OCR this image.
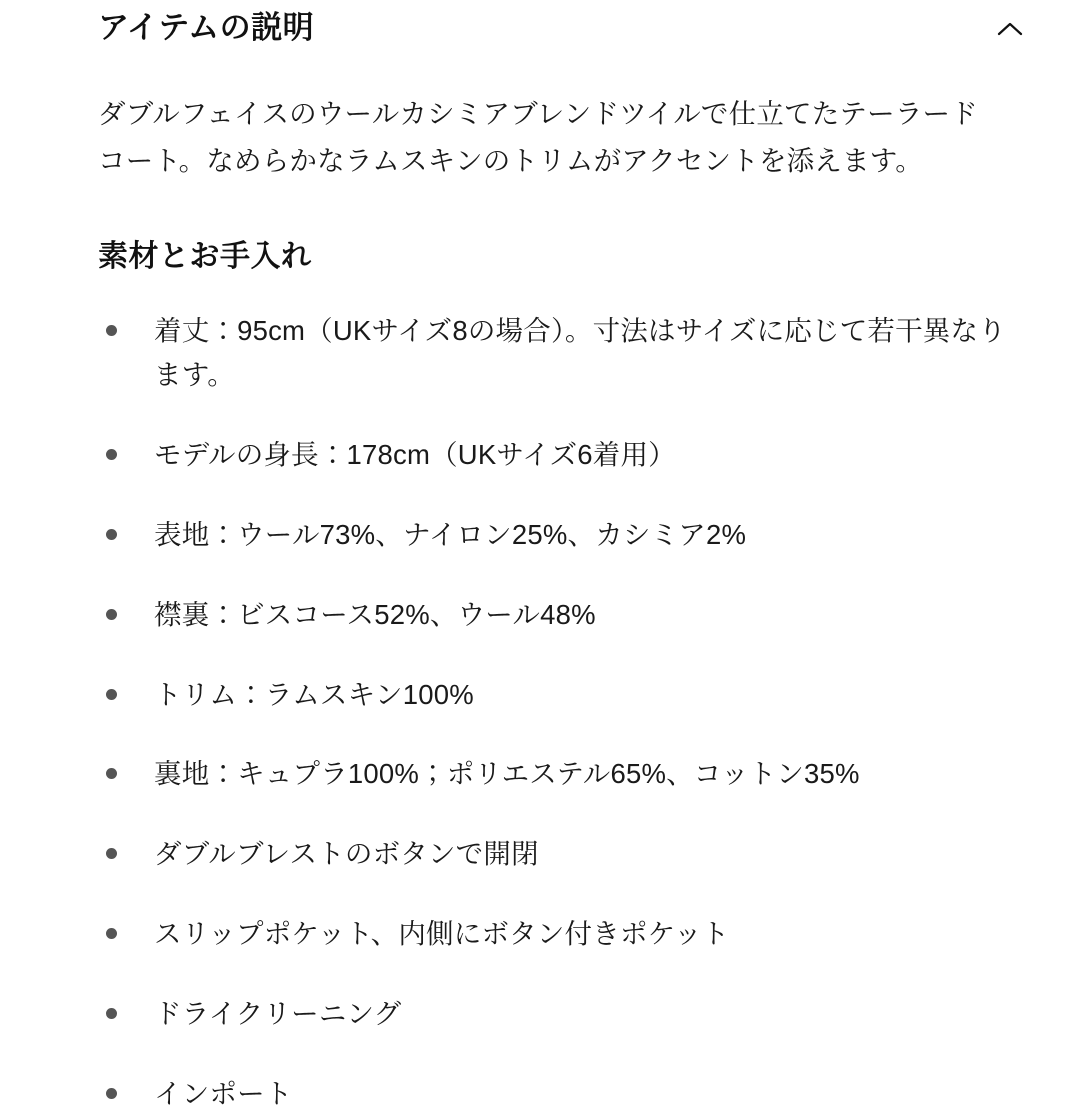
アイテムの説明

ダブルフェイスのウールカシミアブレンドツイルで仕立てたテーラードコート。なめらかなラムスキンのトリムがアクセントを添えます。

素材とお手入れ
着丈：95cm（UKサイズ8の場合）。寸法はサイズに応じて若干異なります。
モデルの身長：178cm（UKサイズ6着用）
表地：ウール73%、ナイロン25%、カシミア2%
襟裏：ビスコース52%、ウール48%
トリム：ラムスキン100%
裏地：キュプラ100%；ポリエステル65%、コットン35%
ダブルブレストのボタンで開閉
スリップポケット、内側にボタン付きポケット
ドライクリーニング
インポート
